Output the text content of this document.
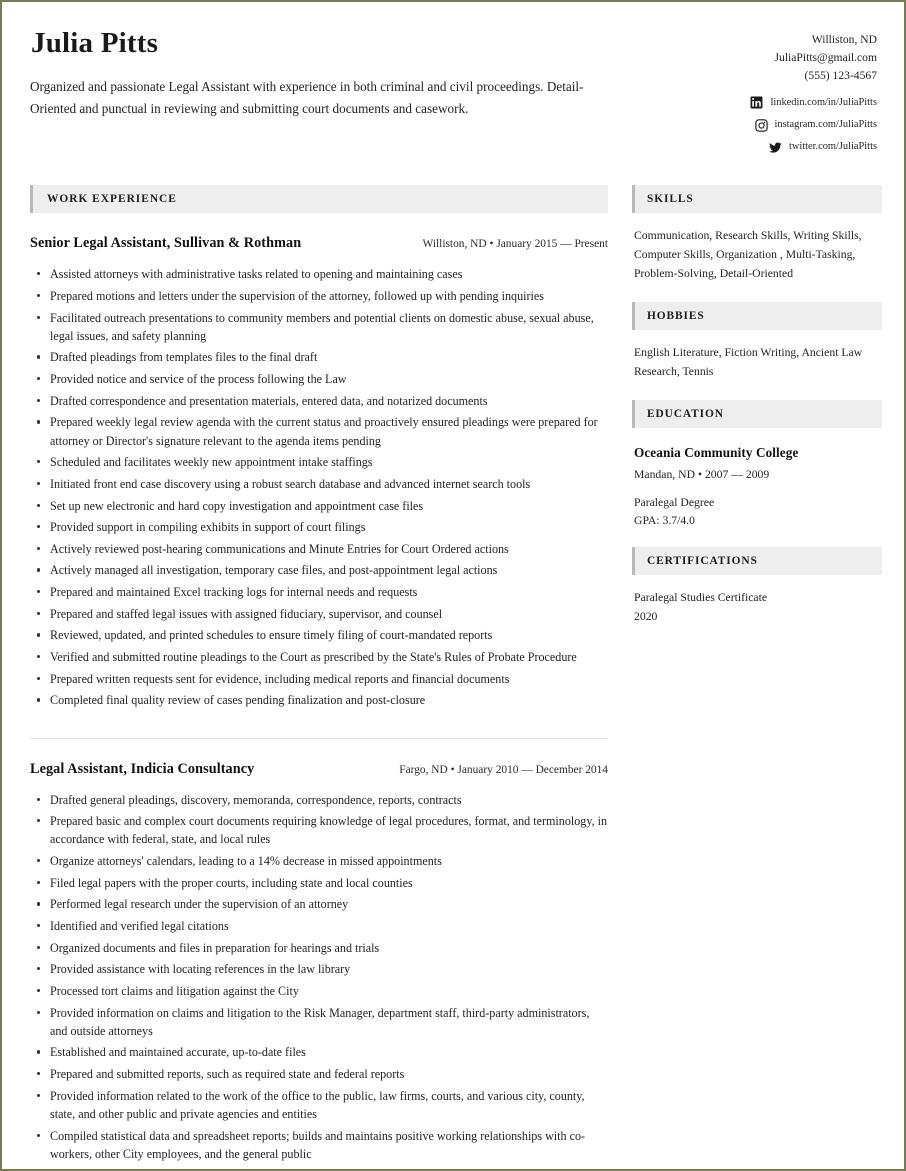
Julia Pitts
Organized and passionate Legal Assistant with experience in both criminal and civil proceedings. Detail-Oriented and punctual in reviewing and submitting court documents and casework.
Williston, ND
JuliaPitts@gmail.com
(555) 123-4567
linkedin.com/in/JuliaPitts
instagram.com/JuliaPitts
twitter.com/JuliaPitts
WORK EXPERIENCE
Senior Legal Assistant, Sullivan & Rothman	Williston, ND • January 2015 — Present
Assisted attorneys with administrative tasks related to opening and maintaining cases
Prepared motions and letters under the supervision of the attorney, followed up with pending inquiries
Facilitated outreach presentations to community members and potential clients on domestic abuse, sexual abuse, legal issues, and safety planning
Drafted pleadings from templates files to the final draft
Provided notice and service of the process following the Law
Drafted correspondence and presentation materials, entered data, and notarized documents
Prepared weekly legal review agenda with the current status and proactively ensured pleadings were prepared for attorney or Director's signature relevant to the agenda items pending
Scheduled and facilitates weekly new appointment intake staffings
Initiated front end case discovery using a robust search database and advanced internet search tools
Set up new electronic and hard copy investigation and appointment case files
Provided support in compiling exhibits in support of court filings
Actively reviewed post-hearing communications and Minute Entries for Court Ordered actions
Actively managed all investigation, temporary case files, and post-appointment legal actions
Prepared and maintained Excel tracking logs for internal needs and requests
Prepared and staffed legal issues with assigned fiduciary, supervisor, and counsel
Reviewed, updated, and printed schedules to ensure timely filing of court-mandated reports
Verified and submitted routine pleadings to the Court as prescribed by the State's Rules of Probate Procedure
Prepared written requests sent for evidence, including medical reports and financial documents
Completed final quality review of cases pending finalization and post-closure
Legal Assistant, Indicia Consultancy	Fargo, ND • January 2010 — December 2014
Drafted general pleadings, discovery, memoranda, correspondence, reports, contracts
Prepared basic and complex court documents requiring knowledge of legal procedures, format, and terminology, in accordance with federal, state, and local rules
Organize attorneys' calendars, leading to a 14% decrease in missed appointments
Filed legal papers with the proper courts, including state and local counties
Performed legal research under the supervision of an attorney
Identified and verified legal citations
Organized documents and files in preparation for hearings and trials
Provided assistance with locating references in the law library
Processed tort claims and litigation against the City
Provided information on claims and litigation to the Risk Manager, department staff, third-party administrators, and outside attorneys
Established and maintained accurate, up-to-date files
Prepared and submitted reports, such as required state and federal reports
Provided information related to the work of the office to the public, law firms, courts, and various city, county, state, and other public and private agencies and entities
Compiled statistical data and spreadsheet reports; builds and maintains positive working relationships with co-workers, other City employees, and the general public
SKILLS
Communication, Research Skills, Writing Skills, Computer Skills, Organization , Multi-Tasking, Problem-Solving, Detail-Oriented
HOBBIES
English Literature, Fiction Writing, Ancient Law Research, Tennis
EDUCATION
Oceania Community College
Mandan, ND • 2007 — 2009
Paralegal Degree
GPA: 3.7/4.0
CERTIFICATIONS
Paralegal Studies Certificate
2020
